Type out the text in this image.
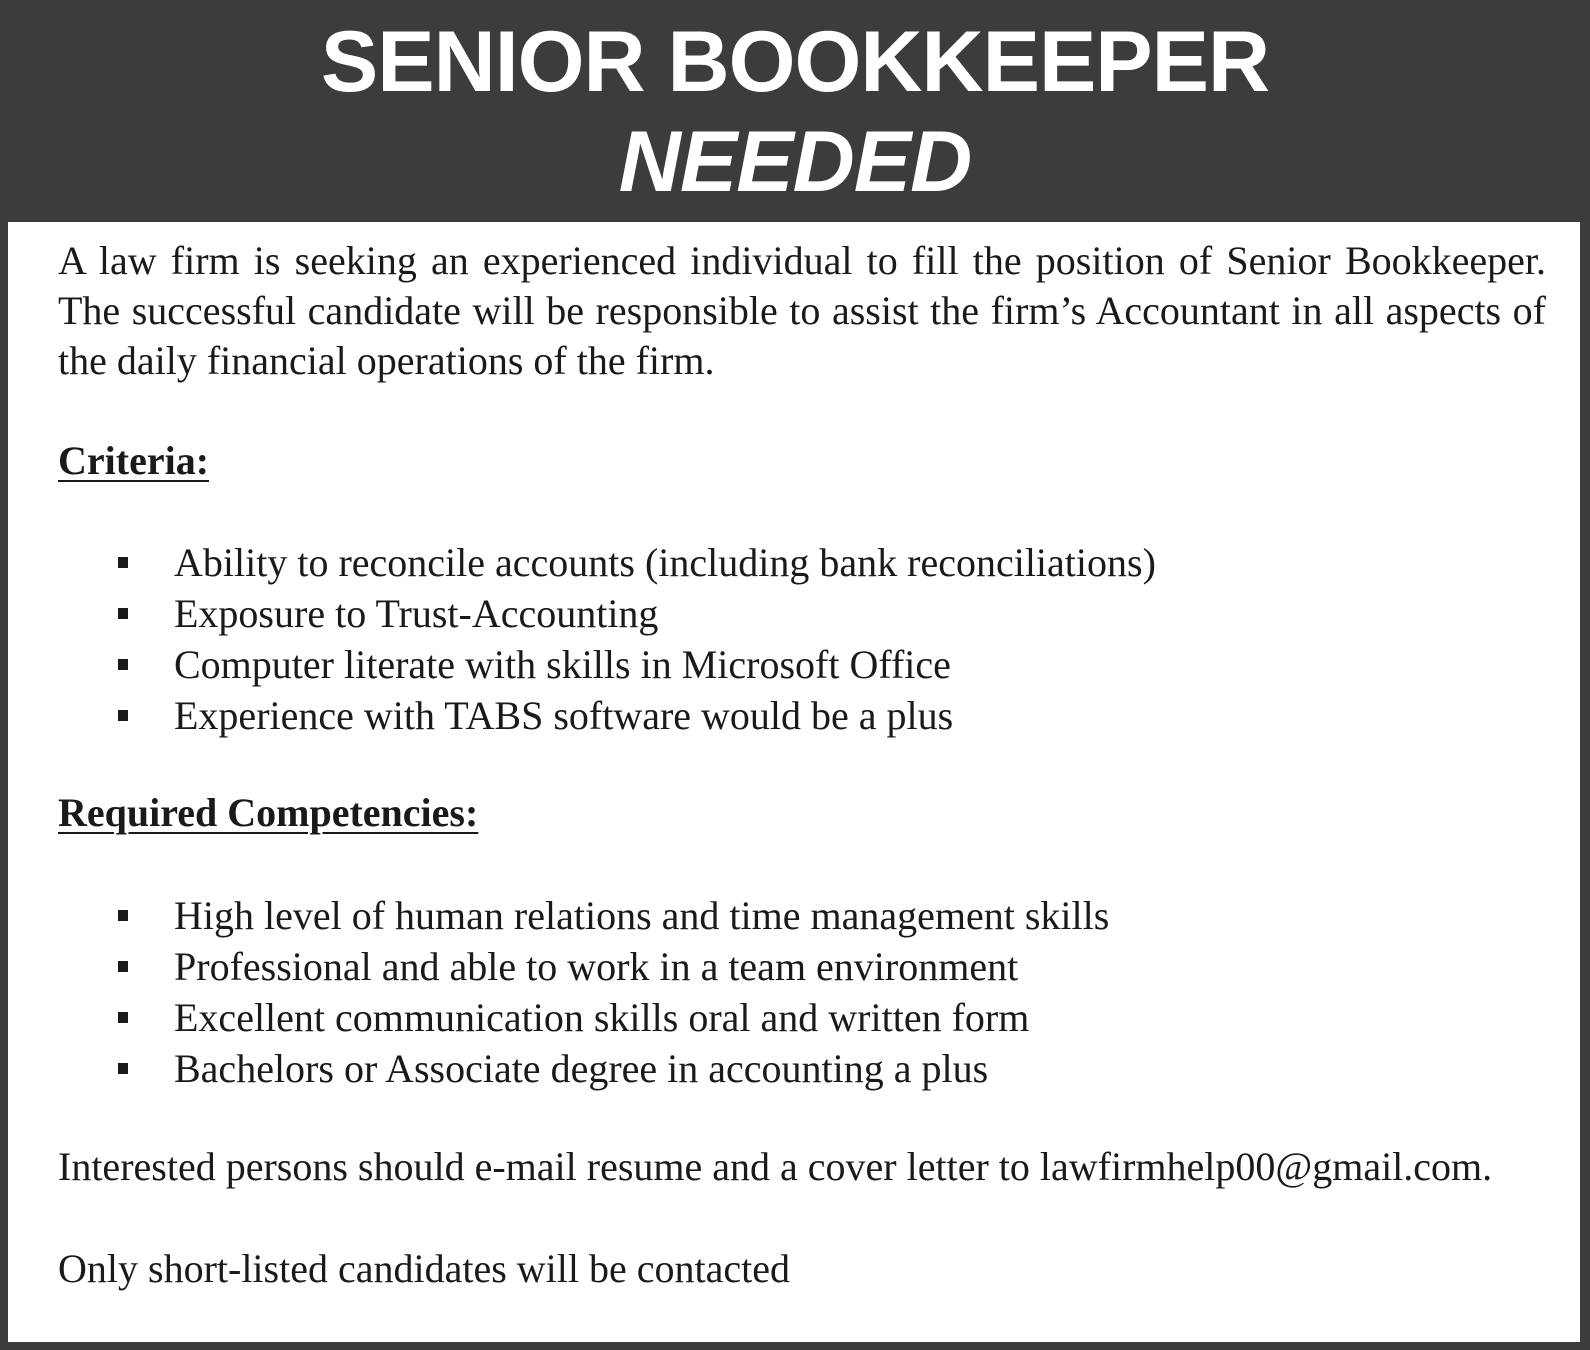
SENIOR BOOKKEEPER
NEEDED
A law firm is seeking an experienced individual to fill the position of Senior Bookkeeper. The successful candidate will be responsible to assist the firm’s Accountant in all aspects of the daily financial operations of the firm.
Criteria:
Ability to reconcile accounts (including bank reconciliations)
Exposure to Trust-Accounting
Computer literate with skills in Microsoft Office
Experience with TABS software would be a plus
Required Competencies:
High level of human relations and time management skills
Professional and able to work in a team environment
Excellent communication skills oral and written form
Bachelors or Associate degree in accounting a plus
Interested persons should e-mail resume and a cover letter to lawfirmhelp00@gmail.com.
Only short-listed candidates will be contacted
